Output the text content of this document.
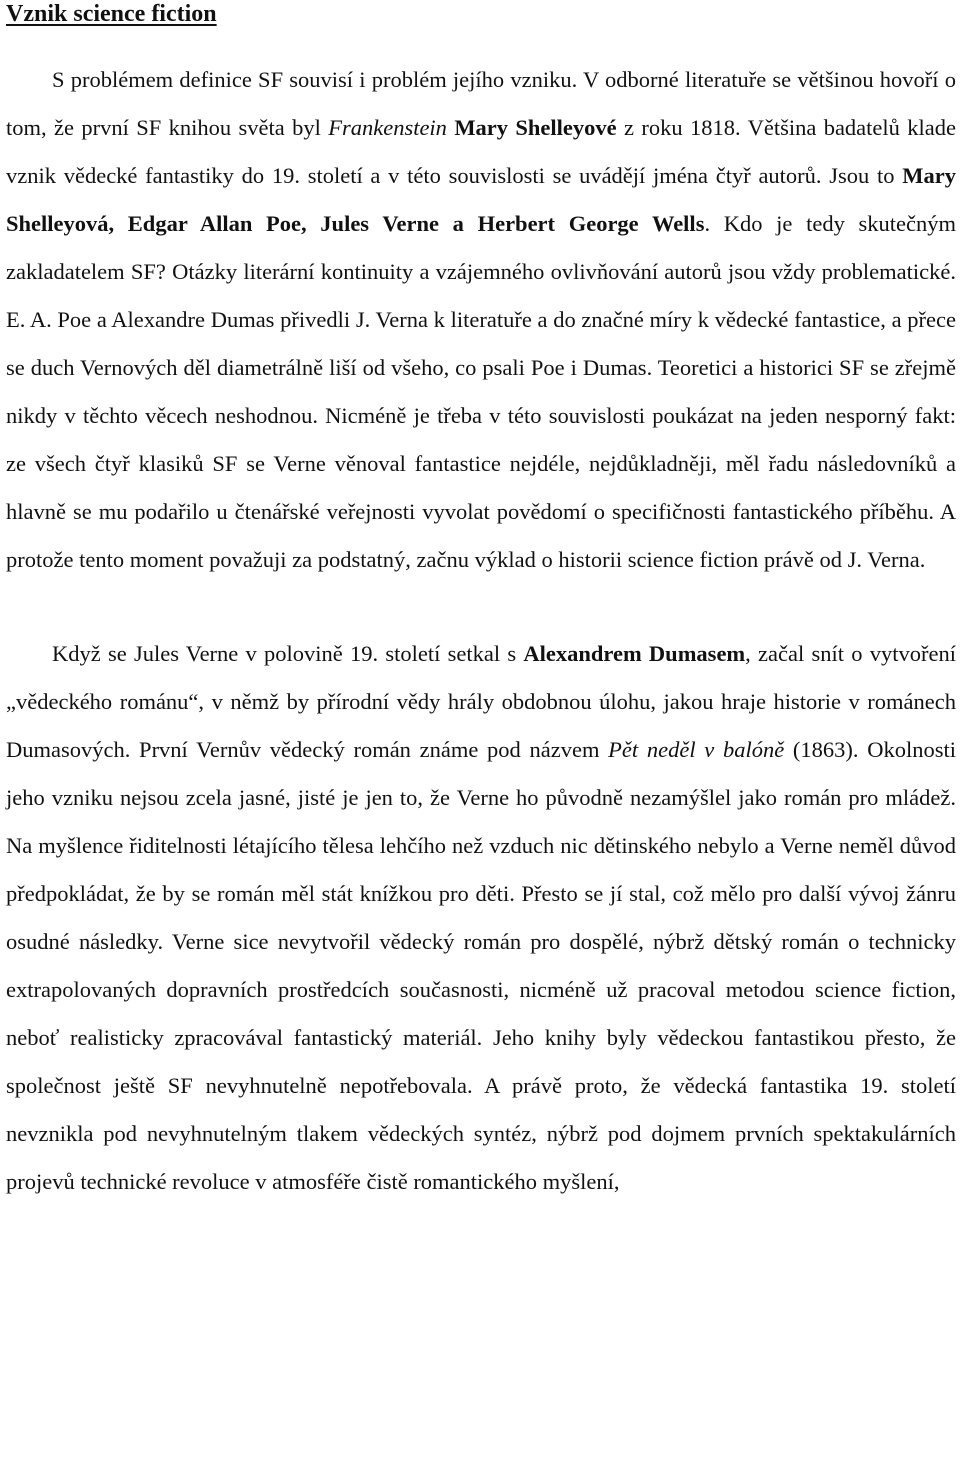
Vznik science fiction

S problémem definice SF souvisí i problém jejího vzniku. V odborné literatuře se většinou hovoří o tom, že první SF knihou světa byl Frankenstein Mary Shelleyové z roku 1818. Většina badatelů klade vznik vědecké fantastiky do 19. století a v této souvislosti se uvádějí jména čtyř autorů. Jsou to Mary Shelleyová, Edgar Allan Poe, Jules Verne a Herbert George Wells. Kdo je tedy skutečným zakladatelem SF? Otázky literární kontinuity a vzájemného ovlivňování autorů jsou vždy problematické. E. A. Poe a Alexandre Dumas přivedli J. Verna k literatuře a do značné míry k vědecké fantastice, a přece se duch Vernových děl diametrálně liší od všeho, co psali Poe i Dumas. Teoretici a historici SF se zřejmě nikdy v těchto věcech neshodnou. Nicméně je třeba v této souvislosti poukázat na jeden nesporný fakt: ze všech čtyř klasiků SF se Verne věnoval fantastice nejdéle, nejdůkladněji, měl řadu následovníků a hlavně se mu podařilo u čtenářské veřejnosti vyvolat povědomí o specifičnosti fantastického příběhu. A protože tento moment považuji za podstatný, začnu výklad o historii science fiction právě od J. Verna.

Když se Jules Verne v polovině 19. století setkal s Alexandrem Dumasem, začal snít o vytvoření „vědeckého románu“, v němž by přírodní vědy hrály obdobnou úlohu, jakou hraje historie v románech Dumasových. První Vernův vědecký román známe pod názvem Pět neděl v balóně (1863). Okolnosti jeho vzniku nejsou zcela jasné, jisté je jen to, že Verne ho původně nezamýšlel jako román pro mládež. Na myšlence řiditelnosti létajícího tělesa lehčího než vzduch nic dětinského nebylo a Verne neměl důvod předpokládat, že by se román měl stát knížkou pro děti. Přesto se jí stal, což mělo pro další vývoj žánru osudné následky. Verne sice nevytvořil vědecký román pro dospělé, nýbrž dětský román o technicky extrapolovaných dopravních prostředcích současnosti, nicméně už pracoval metodou science fiction, neboť realisticky zpracovával fantastický materiál. Jeho knihy byly vědeckou fantastikou přesto, že společnost ještě SF nevyhnutelně nepotřebovala. A právě proto, že vědecká fantastika 19. století nevznikla pod nevyhnutelným tlakem vědeckých syntéz, nýbrž pod dojmem prvních spektakulárních projevů technické revoluce v atmosféře čistě romantického myšlení,
